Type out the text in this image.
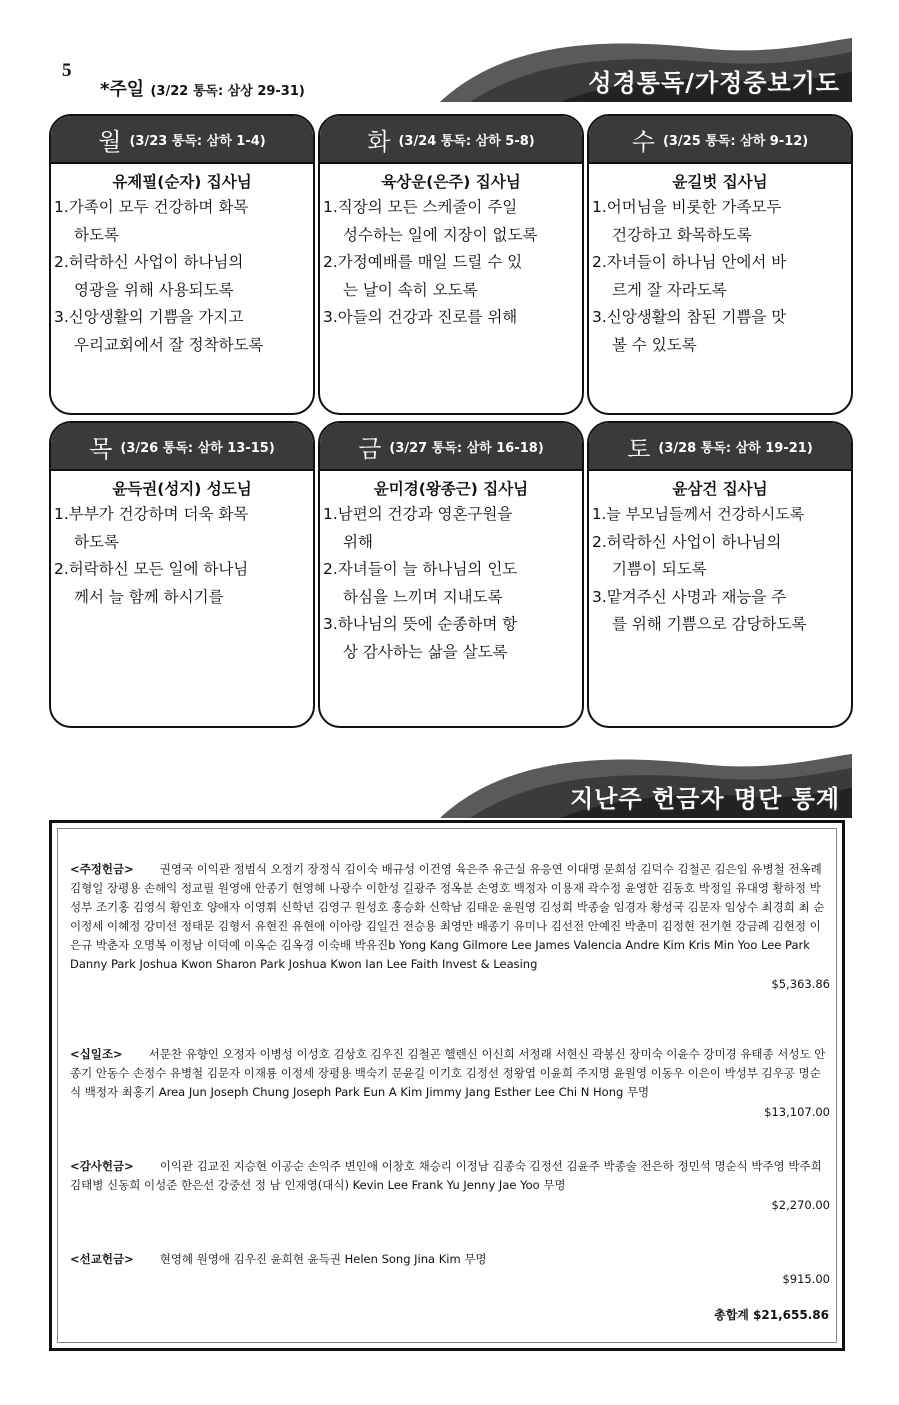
5
*주일 (3/22 통독: 삼상 29-31)	성경통독/가정중보기도
월 (3/23 통독: 삼하 1-4)
유제필(순자) 집사님
1.가족이 모두 건강하며 화목
하도록
2.허락하신 사업이 하나님의
영광을 위해 사용되도록
3.신앙생활의 기쁨을 가지고
우리교회에서 잘 정착하도록
화 (3/24 통독: 삼하 5-8)
육상운(은주) 집사님
1.직장의 모든 스케줄이 주일
성수하는 일에 지장이 없도록
2.가정예배를 매일 드릴 수 있
는 날이 속히 오도록
3.아들의 건강과 진로를 위해
수 (3/25 통독: 삼하 9-12)
윤길벗 집사님
1.어머님을 비롯한 가족모두
건강하고 화목하도록
2.자녀들이 하나님 안에서 바
르게 잘 자라도록
3.신앙생활의 참된 기쁨을 맛
볼 수 있도록
목 (3/26 통독: 삼하 13-15)
윤득권(성지) 성도님
1.부부가 건강하며 더욱 화목
하도록
2.허락하신 모든 일에 하나님
께서 늘 함께 하시기를
금 (3/27 통독: 삼하 16-18)
윤미경(왕종근) 집사님
1.남편의 건강과 영혼구원을
위해
2.자녀들이 늘 하나님의 인도
하심을 느끼며 지내도록
3.하나님의 뜻에 순종하며 항
상 감사하는 삶을 살도록
토 (3/28 통독: 삼하 19-21)
윤삼건 집사님
1.늘 부모님들께서 건강하시도록
2.허락하신 사업이 하나님의
기쁨이 되도록
3.맡겨주신 사명과 재능을 주
를 위해 기쁨으로 감당하도록
지난주 헌금자 명단 통계
<주정헌금> 권영국 이익관 정범식 오정기 장정식 김이숙 배규성 이건영 육은주 유근실 유응연 이대명 문희성 김덕수 김철곤 김은임 유병철 전옥례 김형일 장평용 손해익 정교필 원영애 안종기 현영혜 나광수 이한성 길광주 정옥분 손영호 백정자 이용재 곽수정 윤영한 김동호 박정일 유대영 황하정 박성부 조기홍 김영식 황인호 양애자 이영휘 신학년 김영구 원성호 홍승화 신학남 김태운 윤원영 김성희 박종술 임경자 황성국 김문자 임상수 최경희 최 순 이정세 이혜정 강미선 정태문 김형서 유현진 유현애 이아랑 김일건 전승용 최영만 배종기 유미나 김선전 안예진 박춘미 김정현 전기현 강금례 김현정 이은규 박춘자 오명복 이정남 이덕예 이옥순 김옥경 이숙배 박유진b Yong Kang Gilmore Lee James Valencia Andre Kim Kris Min Yoo Lee Park Danny Park Joshua Kwon Sharon Park Joshua Kwon Ian Lee Faith Invest & Leasing
$5,363.86
<십일조> 서문찬 유향인 오정자 이병성 이성호 김상호 김우진 김철곤 헬렌신 이신희 서정래 서현신 곽봉신 장미숙 이윤수 강미경 유태종 서성도 안종기 안동수 손정수 유병철 김문자 이재룡 이정세 장평용 백숙기 문윤길 이기호 김정선 정왕엽 이윤희 주지명 윤원영 이동우 이은이 박성부 김우공 명순식 백정자 최홍기 Area Jun Joseph Chung Joseph Park Eun A Kim Jimmy Jang Esther Lee Chi N Hong 무명
$13,107.00
<감사헌금> 이익관 김교진 지승현 이공순 손익주 변인애 이창호 채승리 이정남 김종숙 김정선 김윤주 박종술 전은하 정민석 명순식 박주영 박주희 김태병 신동희 이성준 한은선 강중선 정 남 인재영(대식) Kevin Lee Frank Yu Jenny Jae Yoo 무명
$2,270.00
<선교헌금> 현영혜 원영애 김우진 윤희현 윤득권 Helen Song Jina Kim 무명
$915.00
총합계 $21,655.86
